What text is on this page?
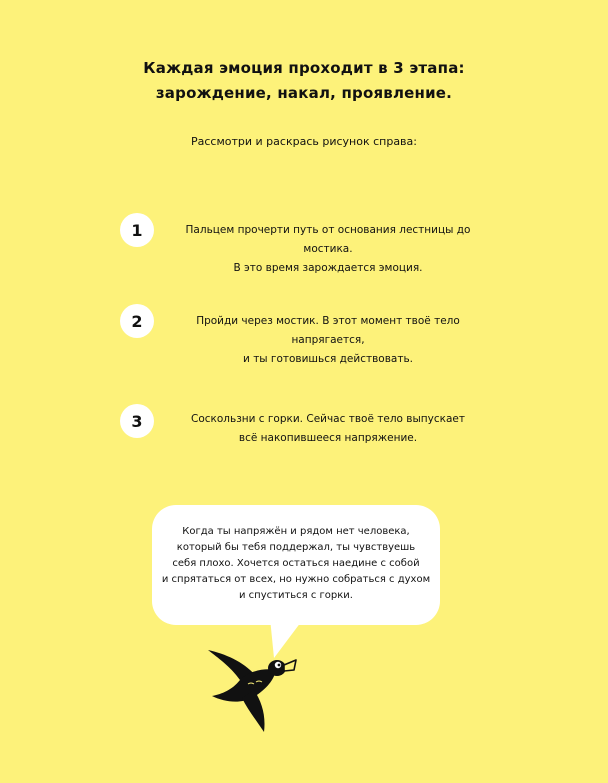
Каждая эмоция проходит в 3 этапа:
зарождение, накал, проявление.
Рассмотри и раскрась рисунок справа:
1	Пальцем прочерти путь от основания лестницы до мостика.
В это время зарождается эмоция.
2	Пройди через мостик. В этот момент твоё тело напрягается,
и ты готовишься действовать.
3	Соскользни с горки. Сейчас твоё тело выпускает
всё накопившееся напряжение.
Когда ты напряжён и рядом нет человека,
который бы тебя поддержал, ты чувствуешь
себя плохо. Хочется остаться наедине с собой
и спрятаться от всех, но нужно собраться с духом
и спуститься с горки.
